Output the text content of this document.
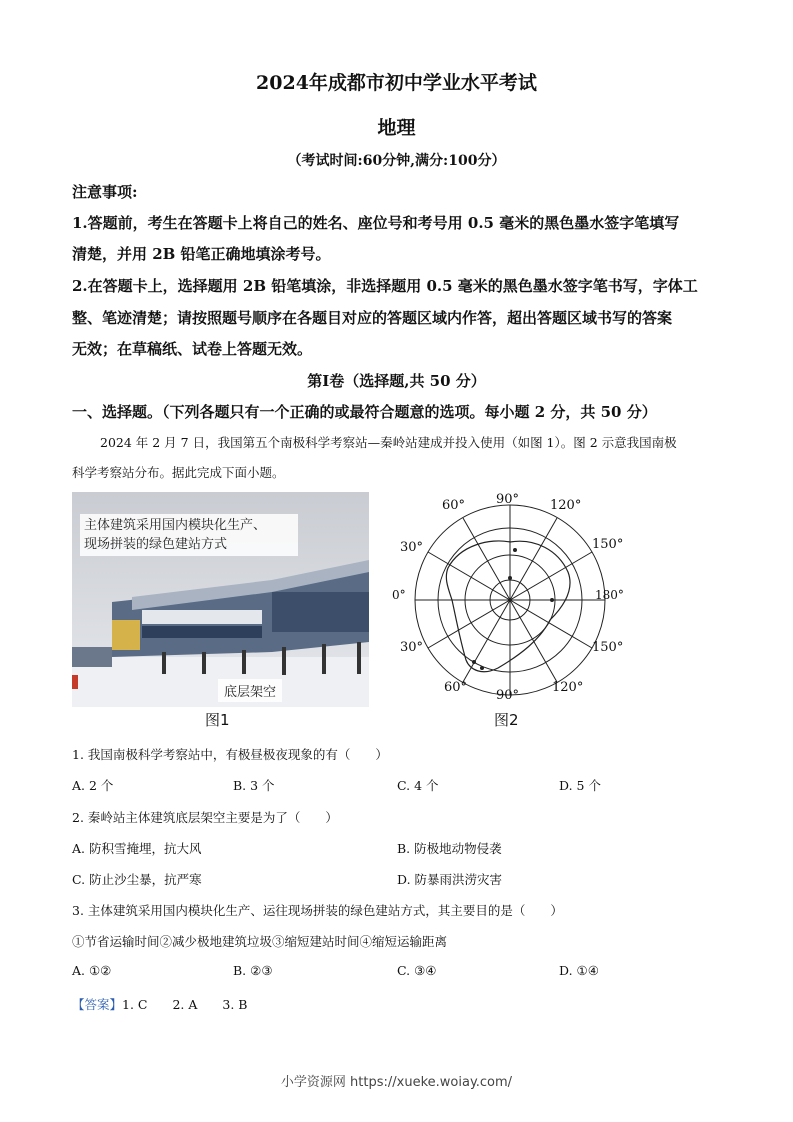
2024年成都市初中学业水平考试
地理
（考试时间:60分钟,满分:100分）
注意事项:
1.答题前，考生在答题卡上将自己的姓名、座位号和考号用 0.5 毫米的黑色墨水签字笔填写
清楚，并用 2B 铅笔正确地填涂考号。
2.在答题卡上，选择题用 2B 铅笔填涂，非选择题用 0.5 毫米的黑色墨水签字笔书写，字体工
整、笔迹清楚；请按照题号顺序在各题目对应的答题区域内作答，超出答题区域书写的答案
无效；在草稿纸、试卷上答题无效。
第Ⅰ卷（选择题,共 50 分）
一、选择题。（下列各题只有一个正确的或最符合题意的选项。每小题 2 分，共 50 分）
2024 年 2 月 7 日，我国第五个南极科学考察站—秦岭站建成并投入使用（如图 1）。图 2 示意我国南极
科学考察站分布。据此完成下面小题。
主体建筑采用国内模块化生产、
现场拼装的绿色建站方式
底层架空
图1
60° 90° 120°
30°	150°
0°	180°
30°	150°
60°
90°
120°
图2
1. 我国南极科学考察站中，有极昼极夜现象的有（　　）
A. 2 个	B. 3 个	C. 4 个	D. 5 个
2. 秦岭站主体建筑底层架空主要是为了（　　）
A. 防积雪掩埋，抗大风	B. 防极地动物侵袭
C. 防止沙尘暴，抗严寒	D. 防暴雨洪涝灾害
3. 主体建筑采用国内模块化生产、运往现场拼装的绿色建站方式，其主要目的是（　　）
①节省运输时间②减少极地建筑垃圾③缩短建站时间④缩短运输距离
A. ①②	B. ②③	C. ③④	D. ①④
【答案】1. C　　2. A　　3. B
小学资源网 https://xueke.woiay.com/
